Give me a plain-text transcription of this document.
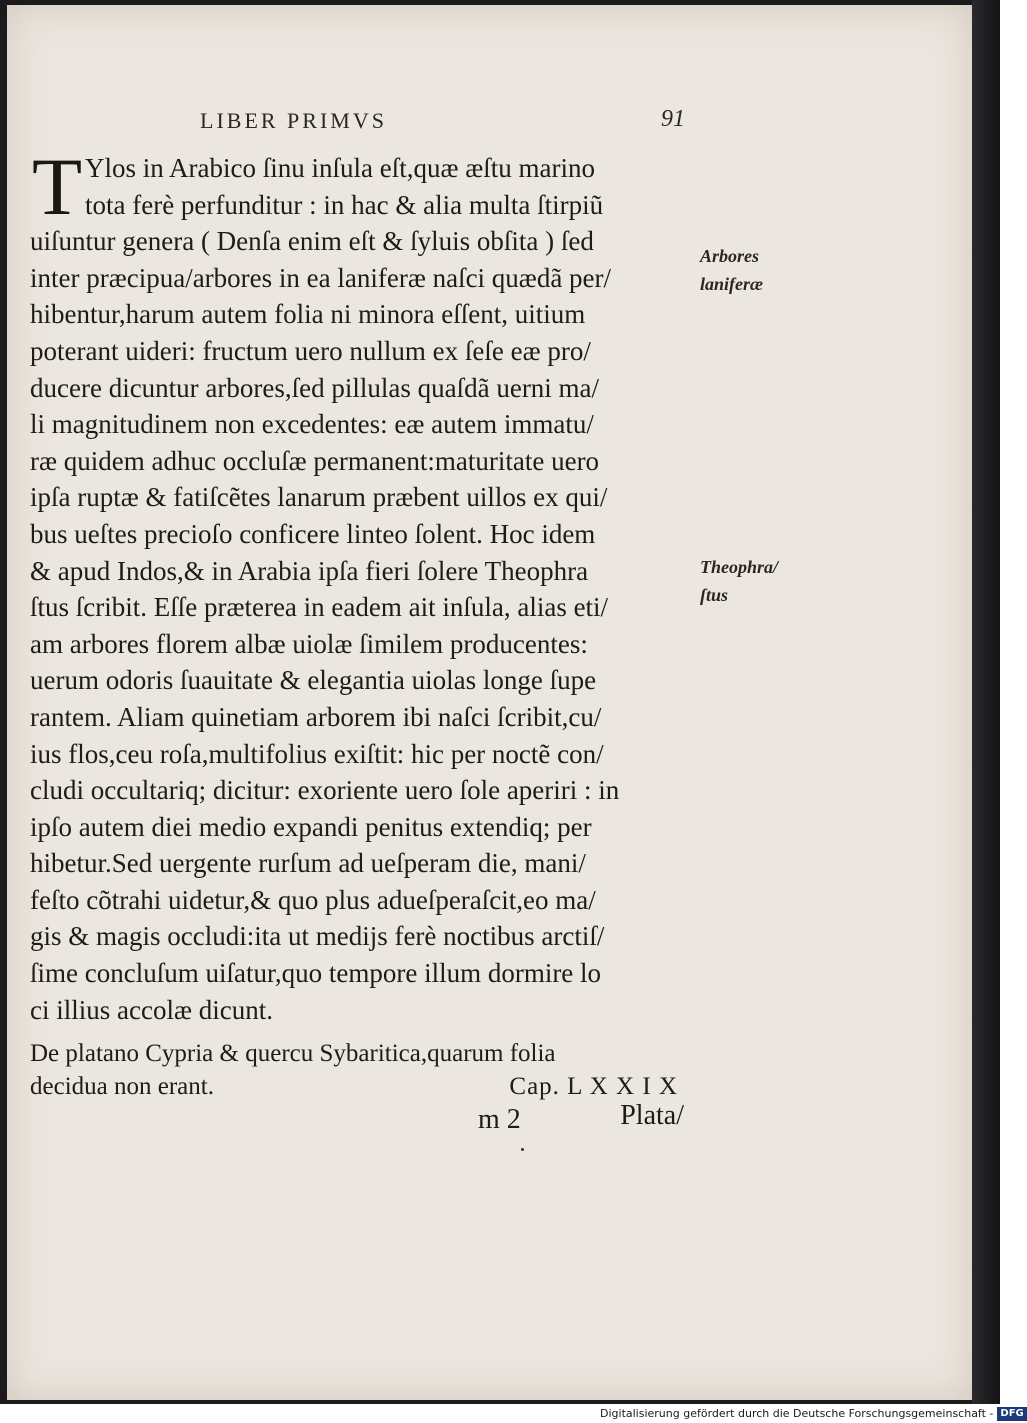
LIBER PRIMVS	91
T Ylos in Arabico ſinu inſula eſt,quæ æſtu marino
tota ferè perfunditur : in hac & alia multa ſtirpiũ
uiſuntur genera ( Denſa enim eſt & ſyluis obſita ) ſed
inter præcipua/arbores in ea laniferæ naſci quædã per/
hibentur,harum autem folia ni minora eſſent, uitium
poterant uideri: fructum uero nullum ex ſeſe eæ pro/
ducere dicuntur arbores,ſed pillulas quaſdã uerni ma/
li magnitudinem non excedentes: eæ autem immatu/
ræ quidem adhuc occluſæ permanent:maturitate uero
ipſa ruptæ & fatiſcẽtes lanarum præbent uillos ex qui/
bus ueſtes precioſo conficere linteo ſolent. Hoc idem
& apud Indos,& in Arabia ipſa fieri ſolere Theophra
ſtus ſcribit. Eſſe præterea in eadem ait inſula, alias eti/
am arbores florem albæ uiolæ ſimilem producentes:
uerum odoris ſuauitate & elegantia uiolas longe ſupe
rantem. Aliam quinetiam arborem ibi naſci ſcribit,cu/
ius flos,ceu roſa,multifolius exiſtit: hic per noctẽ con/
cludi occultariq; dicitur: exoriente uero ſole aperiri : in
ipſo autem diei medio expandi penitus extendiq; per
hibetur.Sed uergente rurſum ad ueſperam die, mani/
feſto cõtrahi uidetur,& quo plus adueſperaſcit,eo ma/
gis & magis occludi:ita ut medijs ferè noctibus arctiſ/
ſime concluſum uiſatur,quo tempore illum dormire lo
ci illius accolæ dicunt.
Arbores
laniferæ
Theophra/
ſtus
De platano Cypria & quercu Sybaritica,quarum folia
decidua non erant.	Cap. L X X I X
m 2	Plata/
Digitalisierung gefördert durch die Deutsche Forschungsgemeinschaft - DFG
